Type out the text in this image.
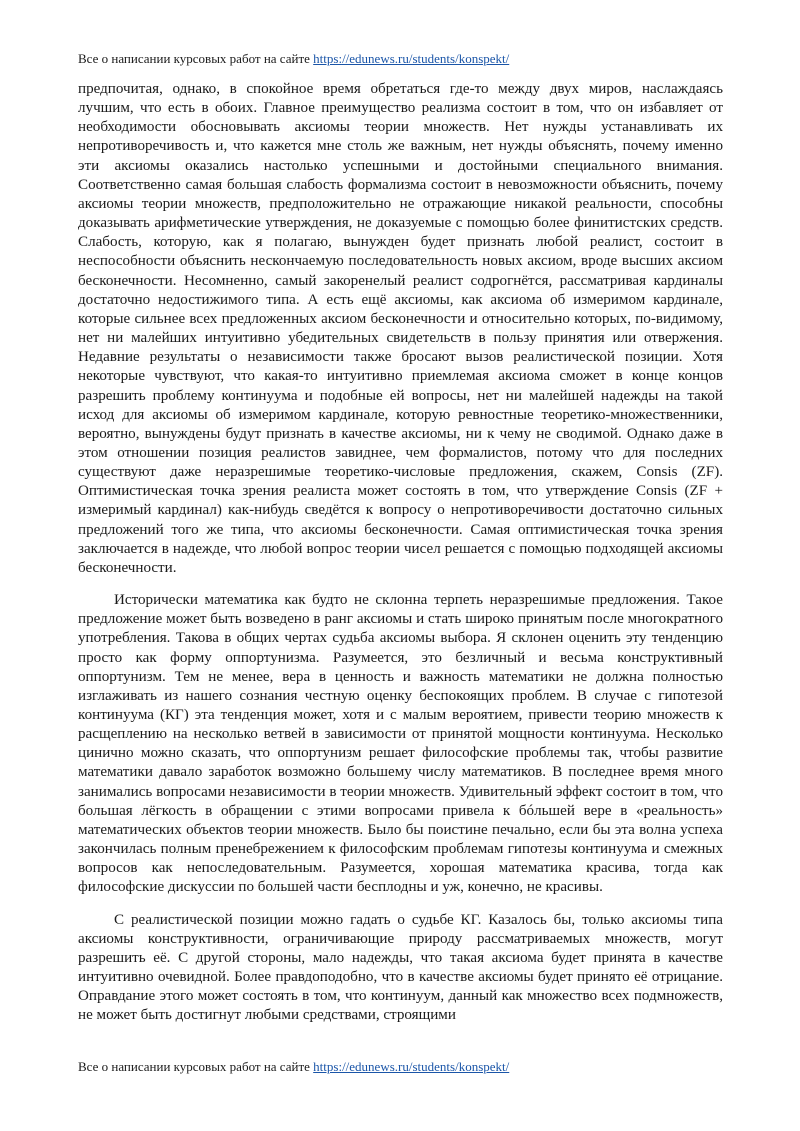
Все о написании курсовых работ на сайте https://edunews.ru/students/konspekt/

предпочитая, однако, в спокойное время обретаться где-то между двух миров, наслаждаясь лучшим, что есть в обоих. Главное преимущество реализма состоит в том, что он избавляет от необходимости обосновывать аксиомы теории множеств. Нет нужды устанавливать их непротиворечивость и, что кажется мне столь же важным, нет нужды объяснять, почему именно эти аксиомы оказались настолько успешными и достойными специального внимания. Соответственно самая большая слабость формализма состоит в невозможности объяснить, почему аксиомы теории множеств, предположительно не отражающие никакой реальности, способны доказывать арифметические утверждения, не доказуемые с помощью более финитистских средств. Слабость, которую, как я полагаю, вынужден будет признать любой реалист, состоит в неспособности объяснить нескончаемую последовательность новых аксиом, вроде высших аксиом бесконечности. Несомненно, самый закоренелый реалист содрогнётся, рассматривая кардиналы достаточно недостижимого типа. А есть ещё аксиомы, как аксиома об измеримом кардинале, которые сильнее всех предложенных аксиом бесконечности и относительно которых, по-видимому, нет ни малейших интуитивно убедительных свидетельств в пользу принятия или отвержения. Недавние результаты о независимости также бросают вызов реалистической позиции. Хотя некоторые чувствуют, что какая-то интуитивно приемлемая аксиома сможет в конце концов разрешить проблему континуума и подобные ей вопросы, нет ни малейшей надежды на такой исход для аксиомы об измеримом кардинале, которую ревностные теоретико-множественники, вероятно, вынуждены будут признать в качестве аксиомы, ни к чему не сводимой. Однако даже в этом отношении позиция реалистов завиднее, чем формалистов, потому что для последних существуют даже неразрешимые теоретико-числовые предложения, скажем, Consis (ZF). Оптимистическая точка зрения реалиста может состоять в том, что утверждение Consis (ZF + измеримый кардинал) как-нибудь сведётся к вопросу о непротиворечивости достаточно сильных предложений того же типа, что аксиомы бесконечности. Самая оптимистическая точка зрения заключается в надежде, что любой вопрос теории чисел решается с помощью подходящей аксиомы бесконечности.

Исторически математика как будто не склонна терпеть неразрешимые предложения. Такое предложение может быть возведено в ранг аксиомы и стать широко принятым после многократного употребления. Такова в общих чертах судьба аксиомы выбора. Я склонен оценить эту тенденцию просто как форму оппортунизма. Разумеется, это безличный и весьма конструктивный оппортунизм. Тем не менее, вера в ценность и важность математики не должна полностью изглаживать из нашего сознания честную оценку беспокоящих проблем. В случае с гипотезой континуума (КГ) эта тенденция может, хотя и с малым вероятием, привести теорию множеств к расщеплению на несколько ветвей в зависимости от принятой мощности континуума. Несколько цинично можно сказать, что оппортунизм решает философские проблемы так, чтобы развитие математики давало заработок возможно большему числу математиков. В последнее время много занимались вопросами независимости в теории множеств. Удивительный эффект состоит в том, что большая лёгкость в обращении с этими вопросами привела к бóльшей вере в «реальность» математических объектов теории множеств. Было бы поистине печально, если бы эта волна успеха закончилась полным пренебрежением к философским проблемам гипотезы континуума и смежных вопросов как непоследовательным. Разумеется, хорошая математика красива, тогда как философские дискуссии по большей части бесплодны и уж, конечно, не красивы.

С реалистической позиции можно гадать о судьбе КГ. Казалось бы, только аксиомы типа аксиомы конструктивности, ограничивающие природу рассматриваемых множеств, могут разрешить её. С другой стороны, мало надежды, что такая аксиома будет принята в качестве интуитивно очевидной. Более правдоподобно, что в качестве аксиомы будет принято её отрицание. Оправдание этого может состоять в том, что континуум, данный как множество всех подмножеств, не может быть достигнут любыми средствами, строящими

Все о написании курсовых работ на сайте https://edunews.ru/students/konspekt/
